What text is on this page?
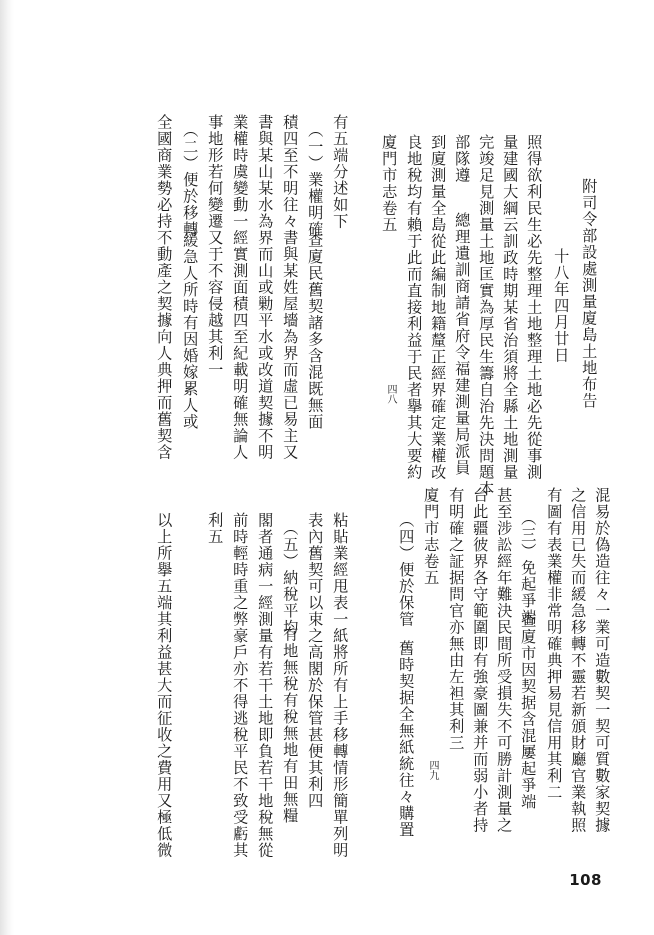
附司令部設處測量廈島土地布告
十八年四月廿日
照得欲利民生必先整理土地整理土地必先從事測
量建國大綱云訓政時期某省治須將全縣土地測量
完竣足見測量土地匡實為厚民生籌自治先決問題本
部隊遵
總理遺訓商請省府令福建測量局派員
到廈測量全島從此編制地籍釐正經界確定業權改
良地稅均有賴于此而直接利益于民者擧其大要約
廈門市志卷五
四八
有五端分述如下
（一）業權明確
查廈民舊契諸多含混既無面
積四至不明往々書與某姓屋墻為界而虛已易主又
書與某山某水為界而山或勦平水或改道契據不明
業權時虞變動一經實測面積四至紀載明確無論人
事地形若何變遷又于不容侵越其利一
（二）便於移轉
緩急人所時有因婚嫁累人或
全國商業勢必持不動產之契據向人典押而舊契含
混易於偽造往々一業可造數契一契可質數家契據
之信用已失而緩急移轉不靈若新頒財廳官業執照
有圖有表業權非常明確典押易見信用其利二
（三）免起爭端
查廈市因契据含混屢起爭端
甚至涉訟經年難決民間所受損失不可勝計測量之
台此疆彼界各守範圍即有強豪圖兼并而弱小者持
有明確之証据問官亦無由左袒其利三
廈門市志卷五
（四）便於保管
舊時契据全無紙統往々購置 四九
粘貼業經甩表一紙將所有上手移轉情形簡單列明
表內舊契可以束之高閣於保管甚便其利四
（五）納稅平均
有地無稅有稅無地有田無糧
閣者通病一經測量有若干土地即負若干地稅無從
前時輕時重之弊豪戶亦不得逃稅平民不致受虧其
利五
以上所擧五端其利益甚大而征收之費用又極低微
108
